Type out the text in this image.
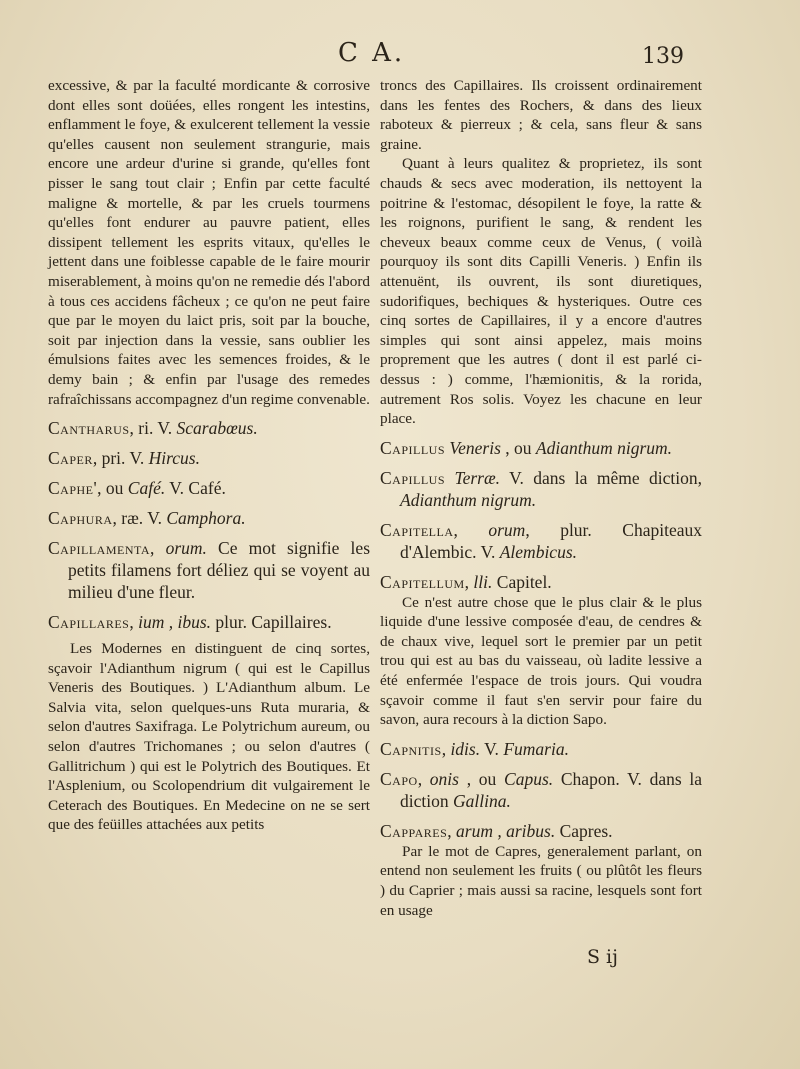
C A.	139

excessive, & par la faculté mordicante & corrosive dont elles sont doüées, elles rongent les intestins, enflamment le foye, & exulcerent tellement la vessie qu'elles causent non seulement stranguriе, mais encore une ardeur d'urine si grande, qu'elles font pisser le sang tout clair ; Enfin par cette faculté maligne & mortelle, & par les cruels tourmens qu'elles font endurer au pauvre patient, elles dissipent tellement les esprits vitaux, qu'elles le jettent dans une foiblesse capable de le faire mourir miserablement, à moins qu'on ne remedie dés l'abord à tous ces accidens fâcheux ; ce qu'on ne peut faire que par le moyen du laict pris, soit par la bouche, soit par injection dans la vessie, sans oublier les émulsions faites avec les semences froides, & le demy bain ; & enfin par l'usage des remedes rafraîchissans accompagnez d'un regime convenable.

Cantharus, ri. V. Scarabœus.

Caper, pri. V. Hircus.

Caphe', ou Café. V. Café.

Caphura, ræ. V. Camphora.

Capillamenta, orum. Ce mot signifie les petits filamens fort déliez qui se voyent au milieu d'une fleur.

Capillares, ium , ibus. plur. Capillaires.

Les Modernes en distinguent de cinq sortes, sçavoir l'Adianthum nigrum ( qui est le Capillus Veneris des Boutiques. ) L'Adianthum album. Le Salvia vita, selon quelques-uns Ruta muraria, & selon d'autres Saxifraga. Le Polytrichum aureum, ou selon d'autres Trichomanes ; ou selon d'autres ( Gallitrichum ) qui est le Polytrich des Boutiques. Et l'Asplenium, ou Scolopendrium dit vulgairement le Ceterach des Boutiques. En Medecine on ne se sert que des feüilles attachées aux petits

troncs des Capillaires. Ils croissent ordinairement dans les fentes des Rochers, & dans des lieux raboteux & pierreux ; & cela, sans fleur & sans graine.

Quant à leurs qualitez & proprietez, ils sont chauds & secs avec moderation, ils nettoyent la poitrine & l'estomac, désopilent le foye, la ratte & les roignons, purifient le sang, & rendent les cheveux beaux comme ceux de Venus, ( voilà pourquoy ils sont dits Capilli Veneris. ) Enfin ils attenuënt, ils ouvrent, ils sont diuretiques, sudorifiques, bechiques & hysteriques. Outre ces cinq sortes de Capillaires, il y a encore d'autres simples qui sont ainsi appelez, mais moins proprement que les autres ( dont il est parlé ci-dessus : ) comme, l'hæmionitis, & la rorida, autrement Ros solis. Voyez les chacune en leur place.

Capillus Veneris , ou Adianthum nigrum.

Capillus Terræ. V. dans la même diction, Adianthum nigrum.

Capitella, orum, plur. Chapiteaux d'Alembic. V. Alembicus.

Capitellum, lli. Capitel.

Ce n'est autre chose que le plus clair & le plus liquide d'une lessive composée d'eau, de cendres & de chaux vive, lequel sort le premier par un petit trou qui est au bas du vaisseau, où ladite lessive a été enfermée l'espace de trois jours. Qui voudra sçavoir comme il faut s'en servir pour faire du savon, aura recours à la diction Sapo.

Capnitis, idis. V. Fumaria.

Capo, onis , ou Capus. Chapon. V. dans la diction Gallina.

Cappares, arum , aribus. Capres.

Par le mot de Capres, generalement parlant, on entend non seulement les fruits ( ou plûtôt les fleurs ) du Caprier ; mais aussi sa racine, lesquels sont fort en usage

S ij
